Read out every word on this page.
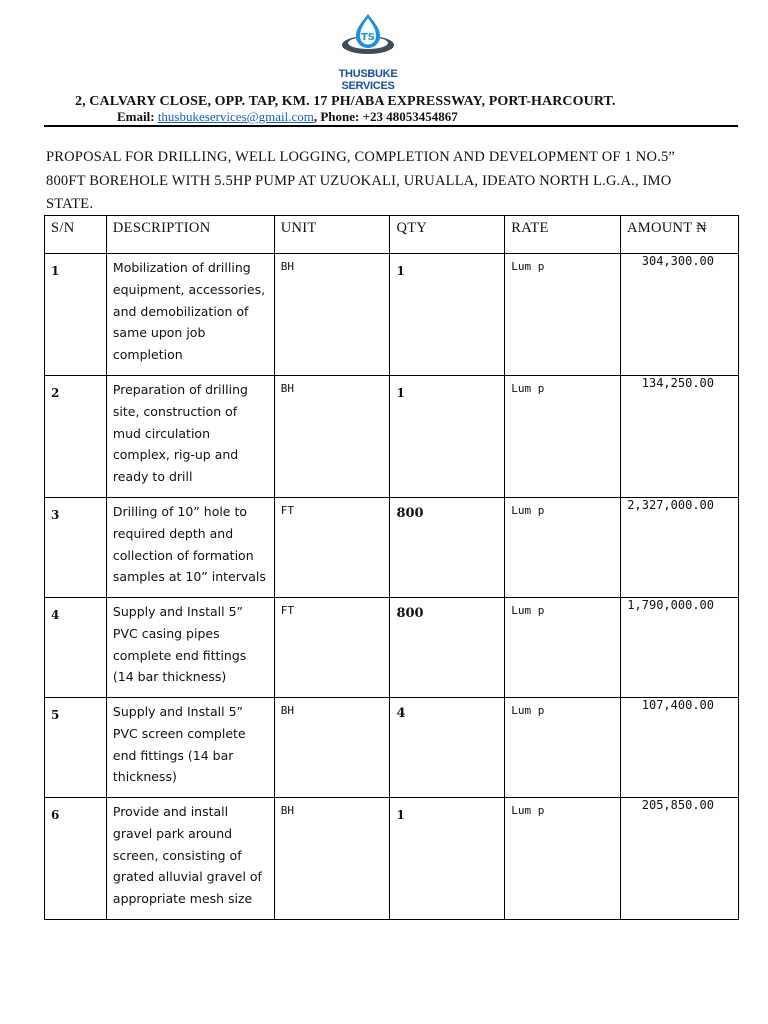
TS
THUSBUKE SERVICES
2, CALVARY CLOSE, OPP. TAP, KM. 17 PH/ABA EXPRESSWAY, PORT-HARCOURT.
Email: thusbukeservices@gmail.com, Phone: +23 48053454867
PROPOSAL FOR DRILLING, WELL LOGGING, COMPLETION AND DEVELOPMENT OF 1 NO.5” 800FT BOREHOLE WITH 5.5HP PUMP AT UZUOKALI, URUALLA, IDEATO NORTH L.G.A., IMO STATE.
S/N	DESCRIPTION	UNIT	QTY	RATE	AMOUNT ₦
1	Mobilization of drilling equipment, accessories, and demobilization of same upon job completion	BH	1	Lum p	304,300.00
2	Preparation of drilling site, construction of mud circulation complex, rig-up and ready to drill	BH	1	Lum p	134,250.00
3	Drilling of 10” hole to required depth and collection of formation samples at 10” intervals	FT	800	Lum p	2,327,000.00
4	Supply and Install 5” PVC casing pipes complete end fittings (14 bar thickness)	FT	800	Lum p	1,790,000.00
5	Supply and Install 5” PVC screen complete end fittings (14 bar thickness)	BH	4	Lum p	107,400.00
6	Provide and install gravel park around screen, consisting of grated alluvial gravel of appropriate mesh size	BH	1	Lum p	205,850.00
